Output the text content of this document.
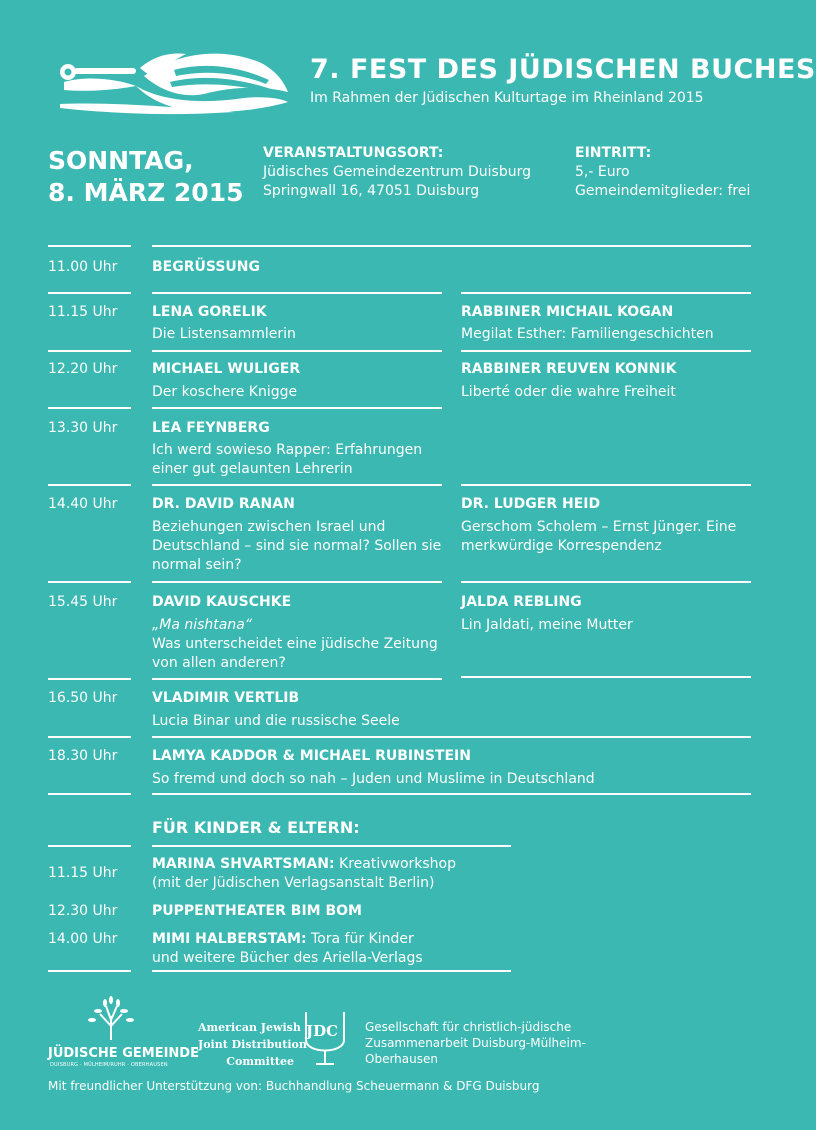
7. FEST DES JÜDISCHEN BUCHES
Im Rahmen der Jüdischen Kulturtage im Rheinland 2015
SONNTAG,
8. MÄRZ 2015
VERANSTALTUNGSORT:
Jüdisches Gemeindezentrum Duisburg
Springwall 16, 47051 Duisburg
EINTRITT:
5,- Euro
Gemeindemitglieder: frei
11.00 Uhr BEGRÜSSUNG
11.15 Uhr LENA GORELIK
Die Listensammlerin
RABBINER MICHAIL KOGAN
Megilat Esther: Familiengeschichten
12.20 Uhr MICHAEL WULIGER
Der koschere Knigge
RABBINER REUVEN KONNIK
Liberté oder die wahre Freiheit
13.30 Uhr LEA FEYNBERG
Ich werd sowieso Rapper: Erfahrungen
einer gut gelaunten Lehrerin
14.40 Uhr DR. DAVID RANAN
Beziehungen zwischen Israel und
Deutschland – sind sie normal? Sollen sie
normal sein?
DR. LUDGER HEID
Gerschom Scholem – Ernst Jünger. Eine
merkwürdige Korrespendenz
15.45 Uhr DAVID KAUSCHKE
„Ma nishtana“
Was unterscheidet eine jüdische Zeitung
von allen anderen?
JALDA REBLING
Lin Jaldati, meine Mutter
16.50 Uhr VLADIMIR VERTLIB
Lucia Binar und die russische Seele
18.30 Uhr LAMYA KADDOR & MICHAEL RUBINSTEIN
So fremd und doch so nah – Juden und Muslime in Deutschland
FÜR KINDER & ELTERN:
11.15 Uhr
MARINA SHVARTSMAN: Kreativworkshop
(mit der Jüdischen Verlagsanstalt Berlin)
12.30 Uhr PUPPENTHEATER BIM BOM
14.00 Uhr MIMI HALBERSTAM: Tora für Kinder
und weitere Bücher des Ariella-Verlags
JÜDISCHE GEMEINDE
DUISBURG · MÜLHEIM/RUHR · OBERHAUSEN
American Jewish
Joint Distribution
Committee
JDC Gesellschaft für christlich-jüdische
Zusammenarbeit Duisburg-Mülheim-
Oberhausen
Mit freundlicher Unterstützung von: Buchhandlung Scheuermann & DFG Duisburg
